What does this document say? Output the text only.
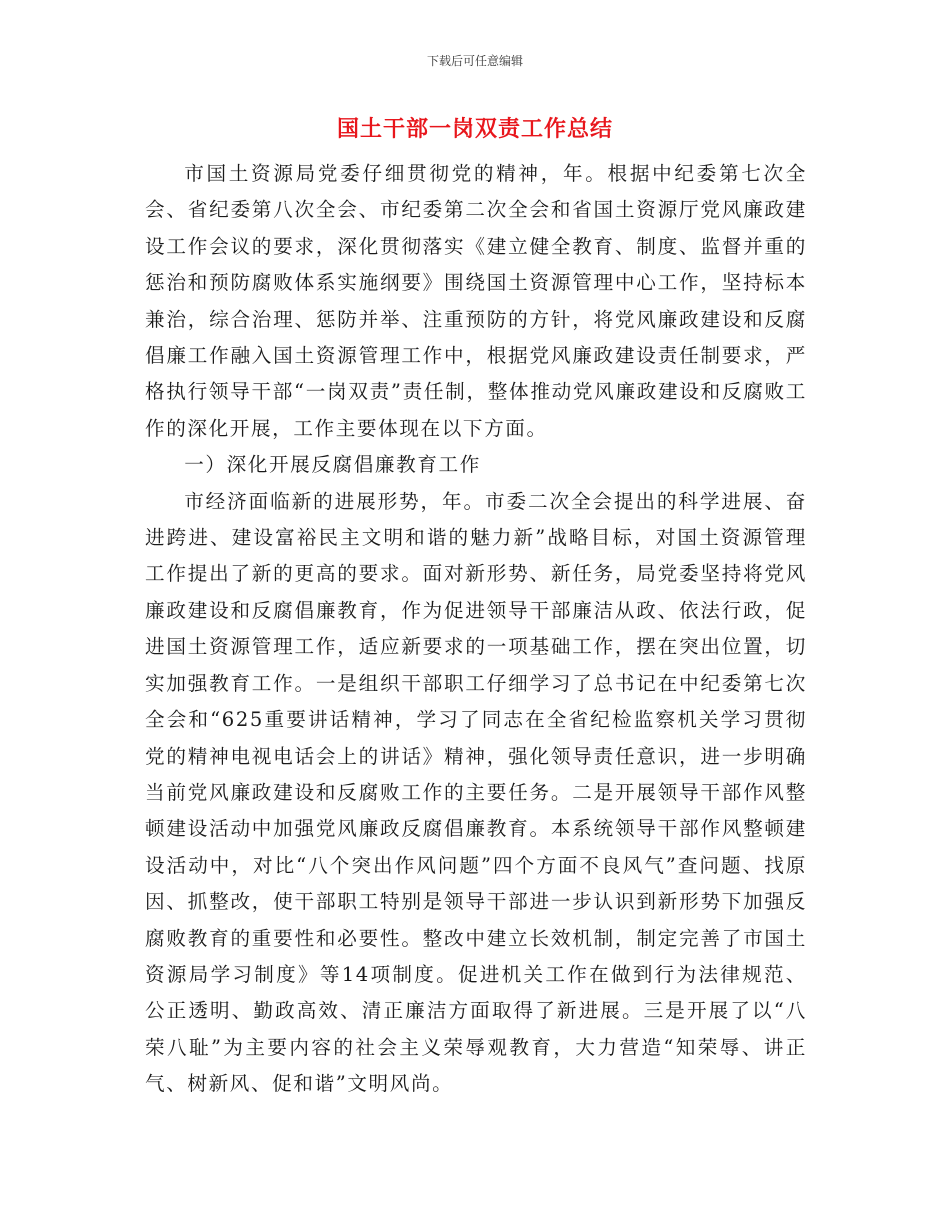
下载后可任意编辑
国土干部一岗双责工作总结

市国土资源局党委仔细贯彻党的精神，年。根据中纪委第七次全会、省纪委第八次全会、市纪委第二次全会和省国土资源厅党风廉政建设工作会议的要求，深化贯彻落实《建立健全教育、制度、监督并重的惩治和预防腐败体系实施纲要》围绕国土资源管理中心工作，坚持标本兼治，综合治理、惩防并举、注重预防的方针，将党风廉政建设和反腐倡廉工作融入国土资源管理工作中，根据党风廉政建设责任制要求，严格执行领导干部“一岗双责”责任制，整体推动党风廉政建设和反腐败工作的深化开展，工作主要体现在以下方面。

一）深化开展反腐倡廉教育工作

市经济面临新的进展形势，年。市委二次全会提出的科学进展、奋进跨进、建设富裕民主文明和谐的魅力新”战略目标，对国土资源管理工作提出了新的更高的要求。面对新形势、新任务，局党委坚持将党风廉政建设和反腐倡廉教育，作为促进领导干部廉洁从政、依法行政，促进国土资源管理工作，适应新要求的一项基础工作，摆在突出位置，切实加强教育工作。一是组织干部职工仔细学习了总书记在中纪委第七次全会和“625重要讲话精神，学习了同志在全省纪检监察机关学习贯彻党的精神电视电话会上的讲话》精神，强化领导责任意识，进一步明确当前党风廉政建设和反腐败工作的主要任务。二是开展领导干部作风整顿建设活动中加强党风廉政反腐倡廉教育。本系统领导干部作风整顿建设活动中，对比“八个突出作风问题”四个方面不良风气”查问题、找原因、抓整改，使干部职工特别是领导干部进一步认识到新形势下加强反腐败教育的重要性和必要性。整改中建立长效机制，制定完善了市国土资源局学习制度》等14项制度。促进机关工作在做到行为法律规范、公正透明、勤政高效、清正廉洁方面取得了新进展。三是开展了以“八荣八耻”为主要内容的社会主义荣辱观教育，大力营造“知荣辱、讲正气、树新风、促和谐”文明风尚。
